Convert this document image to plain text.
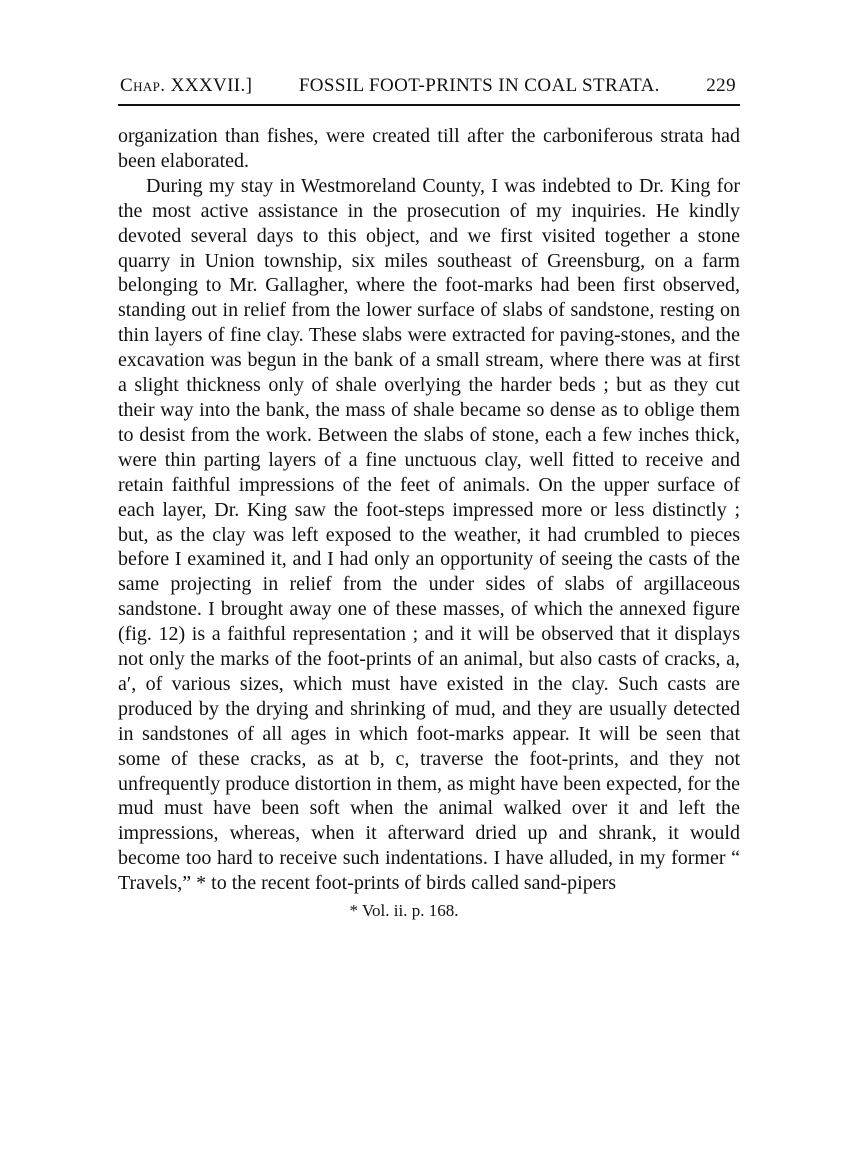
Chap. XXXVII.] FOSSIL FOOT-PRINTS IN COAL STRATA. 229

organization than fishes, were created till after the carboniferous strata had been elaborated.

During my stay in Westmoreland County, I was indebted to Dr. King for the most active assistance in the prosecution of my inquiries. He kindly devoted several days to this object, and we first visited together a stone quarry in Union township, six miles southeast of Greensburg, on a farm belonging to Mr. Gallagher, where the foot-marks had been first observed, standing out in relief from the lower surface of slabs of sandstone, resting on thin layers of fine clay. These slabs were extracted for paving-stones, and the excavation was begun in the bank of a small stream, where there was at first a slight thickness only of shale overlying the harder beds ; but as they cut their way into the bank, the mass of shale became so dense as to oblige them to desist from the work. Between the slabs of stone, each a few inches thick, were thin parting layers of a fine unctuous clay, well fitted to receive and retain faithful impressions of the feet of animals. On the upper surface of each layer, Dr. King saw the foot-steps impressed more or less distinctly ; but, as the clay was left exposed to the weather, it had crumbled to pieces before I examined it, and I had only an opportunity of seeing the casts of the same projecting in relief from the under sides of slabs of argillaceous sandstone. I brought away one of these masses, of which the annexed figure (fig. 12) is a faithful representation ; and it will be observed that it displays not only the marks of the foot-prints of an animal, but also casts of cracks, a, a′, of various sizes, which must have existed in the clay. Such casts are produced by the drying and shrinking of mud, and they are usually detected in sandstones of all ages in which foot-marks appear. It will be seen that some of these cracks, as at b, c, traverse the foot-prints, and they not unfrequently produce distortion in them, as might have been expected, for the mud must have been soft when the animal walked over it and left the impressions, whereas, when it afterward dried up and shrank, it would become too hard to receive such indentations. I have alluded, in my former “ Travels,” * to the recent foot-prints of birds called sand-pipers

* Vol. ii. p. 168.
